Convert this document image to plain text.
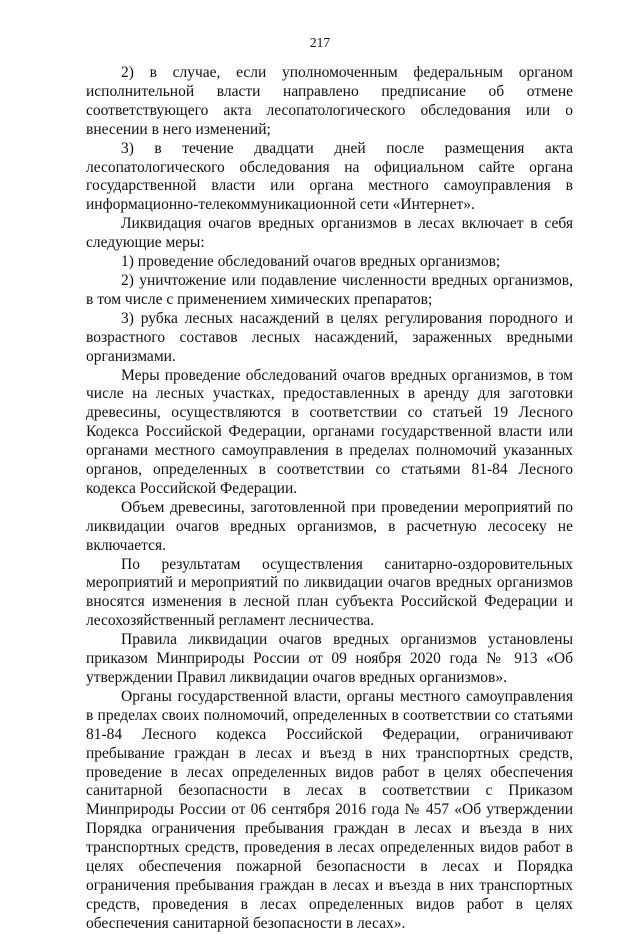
217

2) в случае, если уполномоченным федеральным органом исполнительной власти направлено предписание об отмене соответствующего акта лесопатологического обследования или о внесении в него изменений;

3) в течение двадцати дней после размещения акта лесопатологического обследования на официальном сайте органа государственной власти или органа местного самоуправления в информационно-телекоммуникационной сети «Интернет».

Ликвидация очагов вредных организмов в лесах включает в себя следующие меры:

1) проведение обследований очагов вредных организмов;

2) уничтожение или подавление численности вредных организмов, в том числе с применением химических препаратов;

3) рубка лесных насаждений в целях регулирования породного и возрастного составов лесных насаждений, зараженных вредными организмами.

Меры проведение обследований очагов вредных организмов, в том числе на лесных участках, предоставленных в аренду для заготовки древесины, осуществляются в соответствии со статьей 19 Лесного Кодекса Российской Федерации, органами государственной власти или органами местного самоуправления в пределах полномочий указанных органов, определенных в соответствии со статьями 81-84 Лесного кодекса Российской Федерации.

Объем древесины, заготовленной при проведении мероприятий по ликвидации очагов вредных организмов, в расчетную лесосеку не включается.

По результатам осуществления санитарно-оздоровительных мероприятий и мероприятий по ликвидации очагов вредных организмов вносятся изменения в лесной план субъекта Российской Федерации и лесохозяйственный регламент лесничества.

Правила ликвидации очагов вредных организмов установлены приказом Минприроды России от 09 ноября 2020 года № 913 «Об утверждении Правил ликвидации очагов вредных организмов».

Органы государственной власти, органы местного самоуправления в пределах своих полномочий, определенных в соответствии со статьями 81-84 Лесного кодекса Российской Федерации, ограничивают пребывание граждан в лесах и въезд в них транспортных средств, проведение в лесах определенных видов работ в целях обеспечения санитарной безопасности в лесах в соответствии с Приказом Минприроды России от 06 сентября 2016 года № 457 «Об утверждении Порядка ограничения пребывания граждан в лесах и въезда в них транспортных средств, проведения в лесах определенных видов работ в целях обеспечения пожарной безопасности в лесах и Порядка ограничения пребывания граждан в лесах и въезда в них транспортных средств, проведения в лесах определенных видов работ в целях обеспечения санитарной безопасности в лесах».
